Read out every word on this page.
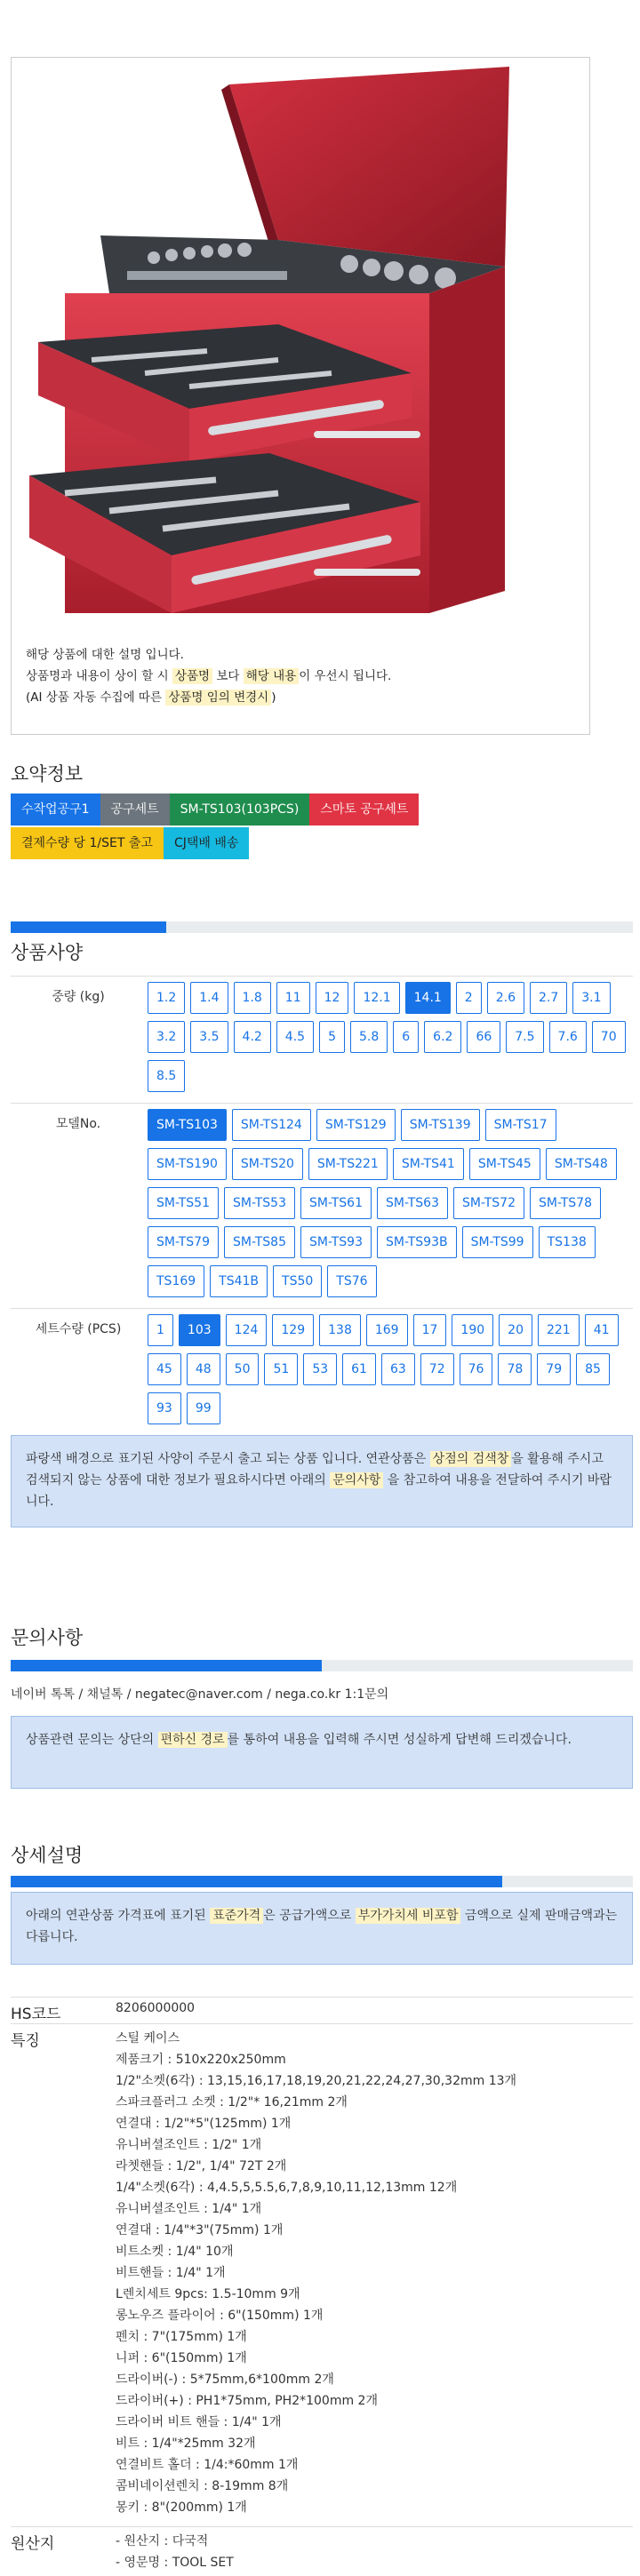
해당 상품에 대한 설명 입니다.
상품명과 내용이 상이 할 시 상품명 보다 해당 내용 이 우선시 됩니다.
(AI 상품 자동 수집에 따른 상품명 임의 변경시 )
요약정보
수작업공구1	공구세트	SM-TS103(103PCS)	스마토 공구세트
결제수량 당 1/SET 출고	CJ택배 배송
상품사양
중량 (kg)	1.2	1.4	1.8	11	12	12.1	14.1	2	2.6	2.7	3.1
3.2	3.5	4.2	4.5	5	5.8	6	6.2	66	7.5	7.6	70
8.5
모델No.	SM-TS103	SM-TS124	SM-TS129	SM-TS139	SM-TS17
SM-TS190	SM-TS20	SM-TS221	SM-TS41	SM-TS45	SM-TS48
SM-TS51	SM-TS53	SM-TS61	SM-TS63	SM-TS72	SM-TS78
SM-TS79	SM-TS85	SM-TS93	SM-TS93B	SM-TS99	TS138
TS169	TS41B	TS50	TS76
세트수량 (PCS)	1	103	124	129	138	169	17	190	20	221	41
45	48	50	51	53	61	63	72	76	78	79	85
93	99
파랑색 배경으로 표기된 사양이 주문시 출고 되는 상품 입니다. 연관상품은 상점의 검색창 을 활용해 주시고 검색되지 않는 상품에 대한 정보가 필요하시다면 아래의 문의사항 을 참고하여 내용을 전달하여 주시기 바랍니다.
문의사항
네이버 톡톡 / 채널톡 / negatec@naver.com / nega.co.kr 1:1문의
상품관련 문의는 상단의 편하신 경로 를 통하여 내용을 입력해 주시면 성실하게 답변해 드리겠습니다.
상세설명
아래의 연관상품 가격표에 표기된 표준가격 은 공급가액으로 부가가치세 비포함 금액으로 실제 판매금액과는 다릅니다.
HS코드	8206000000
특징	스틸 케이스
제품크기 : 510x220x250mm
1/2"소켓(6각) : 13,15,16,17,18,19,20,21,22,24,27,30,32mm 13개
스파크플러그 소켓 : 1/2"* 16,21mm 2개
연결대 : 1/2"*5"(125mm) 1개
유니버셜조인트 : 1/2" 1개
라쳇핸들 : 1/2", 1/4" 72T 2개
1/4"소켓(6각) : 4,4.5,5,5.5,6,7,8,9,10,11,12,13mm 12개
유니버셜조인트 : 1/4" 1개
연결대 : 1/4"*3"(75mm) 1개
비트소켓 : 1/4" 10개
비트핸들 : 1/4" 1개
L렌치세트 9pcs: 1.5-10mm 9개
롱노우즈 플라이어 : 6"(150mm) 1개
펜치 : 7"(175mm) 1개
니퍼 : 6"(150mm) 1개
드라이버(-) : 5*75mm,6*100mm 2개
드라이버(+) : PH1*75mm, PH2*100mm 2개
드라이버 비트 핸들 : 1/4" 1개
비트 : 1/4"*25mm 32개
연결비트 홀더 : 1/4:*60mm 1개
콤비네이션렌치 : 8-19mm 8개
몽키 : 8"(200mm) 1개
원산지	- 원산지 : 다국적
- 영문명 : TOOL SET
